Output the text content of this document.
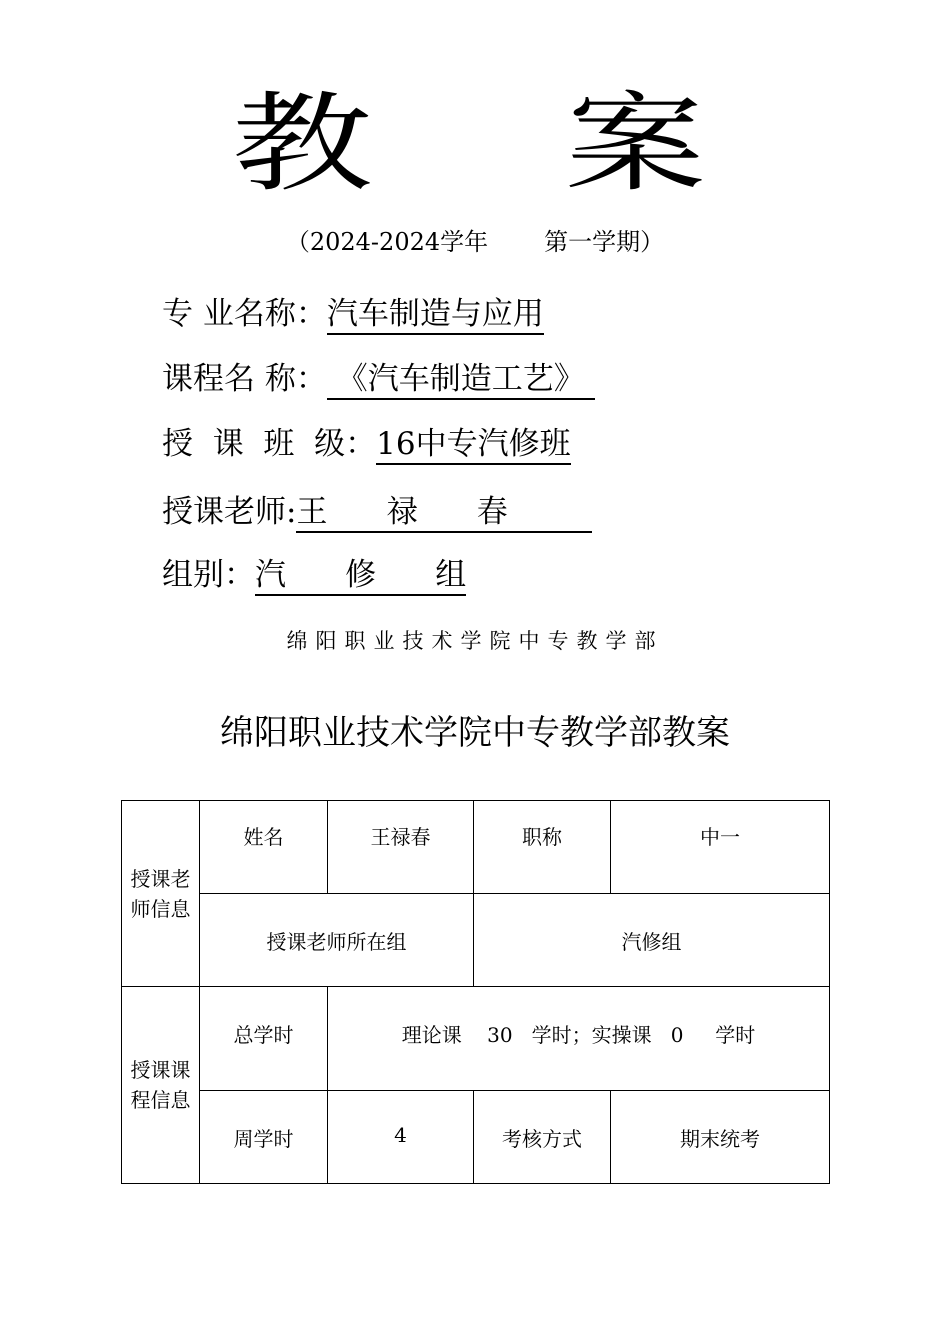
教 案
（2024-2024学年 第一学期）
专 业名称：汽车制造与应用
课程名 称： 《汽车制造工艺》
授  课  班  级：16中专汽修班
授课老师:王      禄      春
组别：汽      修      组
绵阳职业技术学院中专教学部
绵阳职业技术学院中专教学部教案
授课老师信息	姓名	王禄春	职称	中一
	授课老师所在组		汽修组	
授课课程信息	总学时	理论课    30   学时；实操课   0     学时		
	周学时	4	考核方式	期末统考
